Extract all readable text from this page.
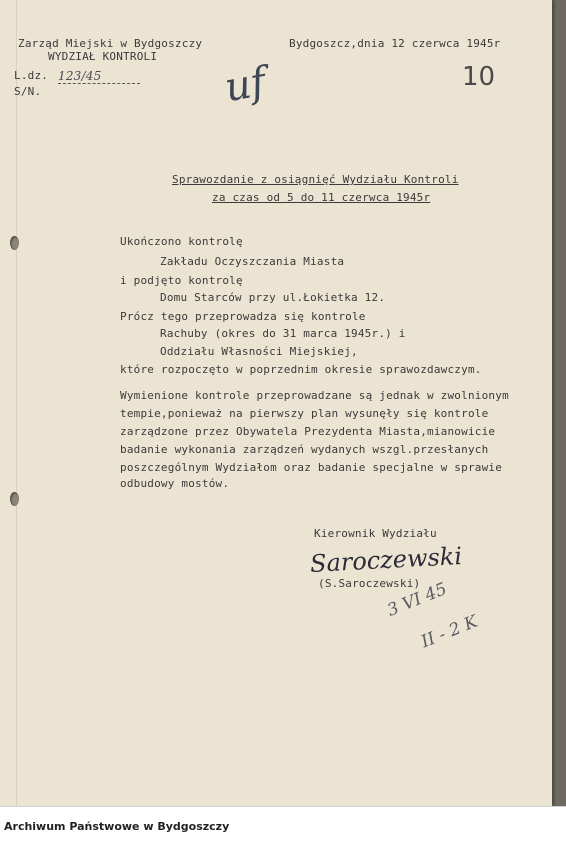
Zarząd Miejski w Bydgoszczy
WYDZIAŁ KONTROLI
L.dz. 123/45
S/N.
Bydgoszcz,dnia 12 czerwca 1945r
uf	10
Sprawozdanie z osiągnięć Wydziału Kontroli
za czas od 5 do 11 czerwca 1945r
Ukończono kontrolę
Zakładu Oczyszczania Miasta
i podjęto kontrolę
Domu Starców przy ul.Łokietka 12.
Prócz tego przeprowadza się kontrole
Rachuby (okres do 31 marca 1945r.) i
Oddziału Własności Miejskiej,
które rozpoczęto w poprzednim okresie sprawozdawczym.
Wymienione kontrole przeprowadzane są jednak w zwolnionym
tempie,ponieważ na pierwszy plan wysunęły się kontrole
zarządzone przez Obywatela Prezydenta Miasta,mianowicie
badanie wykonania zarządzeń wydanych wszgl.przesłanych
poszczególnym Wydziałom oraz badanie specjalne w sprawie
odbudowy mostów.
Kierownik Wydziału
Saroczewski
(S.Saroczewski)
3 VI 45
II - 2 K
Archiwum Państwowe w Bydgoszczy
